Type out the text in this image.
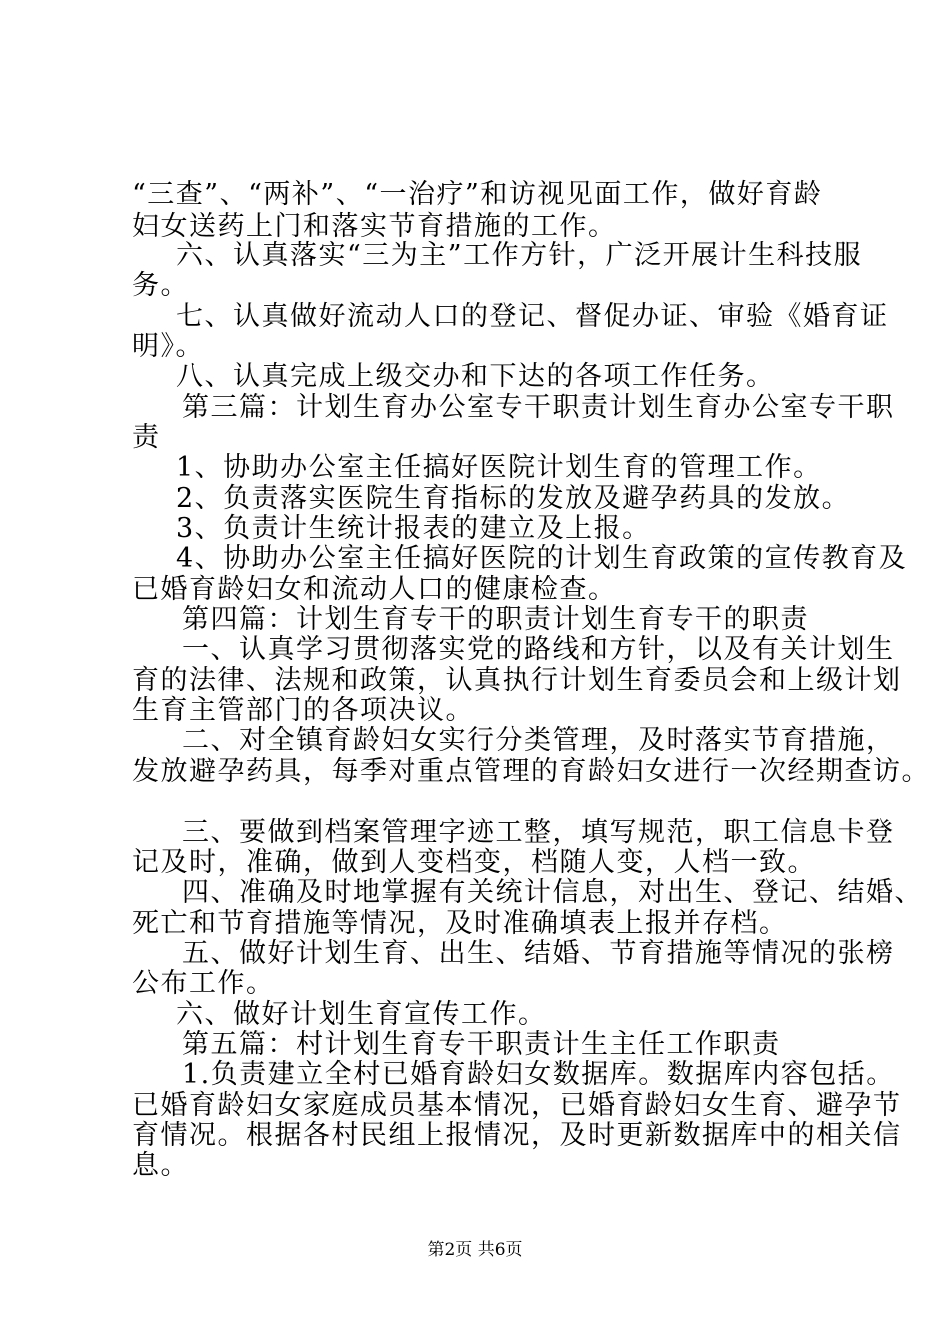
“三查”、“两补”、“一治疗”和访视见面工作，做好育龄
妇女送药上门和落实节育措施的工作。
六、认真落实“三为主”工作方针，广泛开展计生科技服
务。
七、认真做好流动人口的登记、督促办证、审验《婚育证
明》。
八、认真完成上级交办和下达的各项工作任务。
第三篇：计划生育办公室专干职责计划生育办公室专干职
责
1、协助办公室主任搞好医院计划生育的管理工作。
2、负责落实医院生育指标的发放及避孕药具的发放。
3、负责计生统计报表的建立及上报。
4、协助办公室主任搞好医院的计划生育政策的宣传教育及
已婚育龄妇女和流动人口的健康检查。
第四篇：计划生育专干的职责计划生育专干的职责
一、认真学习贯彻落实党的路线和方针，以及有关计划生
育的法律、法规和政策，认真执行计划生育委员会和上级计划
生育主管部门的各项决议。
二、对全镇育龄妇女实行分类管理，及时落实节育措施，
发放避孕药具，每季对重点管理的育龄妇女进行一次经期查访。
三、要做到档案管理字迹工整，填写规范，职工信息卡登
记及时，准确，做到人变档变，档随人变，人档一致。
四、准确及时地掌握有关统计信息，对出生、登记、结婚、
死亡和节育措施等情况，及时准确填表上报并存档。
五、做好计划生育、出生、结婚、节育措施等情况的张榜
公布工作。
六、做好计划生育宣传工作。
第五篇：村计划生育专干职责计生主任工作职责
1.负责建立全村已婚育龄妇女数据库。数据库内容包括。
已婚育龄妇女家庭成员基本情况，已婚育龄妇女生育、避孕节
育情况。根据各村民组上报情况，及时更新数据库中的相关信
息。
第2页 共6页
